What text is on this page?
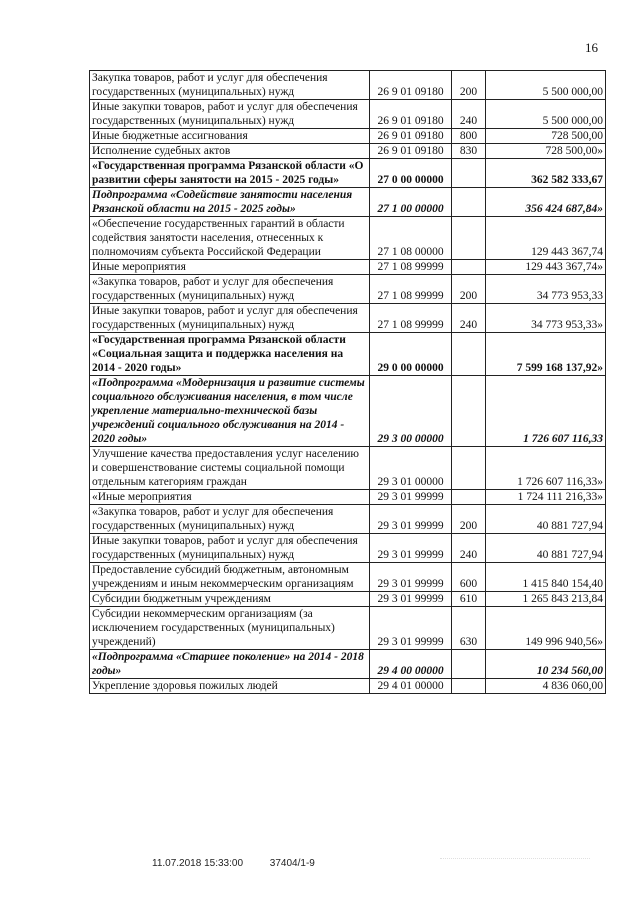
16
Закупка товаров, работ и услуг для обеспечения государственных (муниципальных) нужд	26 9 01 09180	200	5 500 000,00
Иные закупки товаров, работ и услуг для обеспечения государственных (муниципальных) нужд	26 9 01 09180	240	5 500 000,00
Иные бюджетные ассигнования	26 9 01 09180	800	728 500,00
Исполнение судебных актов	26 9 01 09180	830	728 500,00»
«Государственная программа Рязанской области «О развитии сферы занятости на 2015 - 2025 годы»	27 0 00 00000		362 582 333,67
Подпрограмма «Содействие занятости населения Рязанской области на 2015 - 2025 годы»	27 1 00 00000		356 424 687,84»
«Обеспечение государственных гарантий в области содействия занятости населения, отнесенных к полномочиям субъекта Российской Федерации	27 1 08 00000		129 443 367,74
Иные мероприятия	27 1 08 99999		129 443 367,74»
«Закупка товаров, работ и услуг для обеспечения государственных (муниципальных) нужд	27 1 08 99999	200	34 773 953,33
Иные закупки товаров, работ и услуг для обеспечения государственных (муниципальных) нужд	27 1 08 99999	240	34 773 953,33»
«Государственная программа Рязанской области «Социальная защита и поддержка населения на 2014 - 2020 годы»	29 0 00 00000		7 599 168 137,92»
«Подпрограмма «Модернизация и развитие системы социального обслуживания населения, в том числе укрепление материально-технической базы учреждений социального обслуживания на 2014 - 2020 годы»	29 3 00 00000		1 726 607 116,33
Улучшение качества предоставления услуг населению и совершенствование системы социальной помощи отдельным категориям граждан	29 3 01 00000		1 726 607 116,33»
«Иные мероприятия	29 3 01 99999		1 724 111 216,33»
«Закупка товаров, работ и услуг для обеспечения государственных (муниципальных) нужд	29 3 01 99999	200	40 881 727,94
Иные закупки товаров, работ и услуг для обеспечения государственных (муниципальных) нужд	29 3 01 99999	240	40 881 727,94
Предоставление субсидий бюджетным, автономным учреждениям и иным некоммерческим организациям	29 3 01 99999	600	1 415 840 154,40
Субсидии бюджетным учреждениям	29 3 01 99999	610	1 265 843 213,84
Субсидии некоммерческим организациям (за исключением государственных (муниципальных) учреждений)	29 3 01 99999	630	149 996 940,56»
«Подпрограмма «Старшее поколение» на 2014 - 2018 годы»	29 4 00 00000		10 234 560,00
Укрепление здоровья пожилых людей	29 4 01 00000		4 836 060,00
11.07.2018 15:33:00	37404/1-9
